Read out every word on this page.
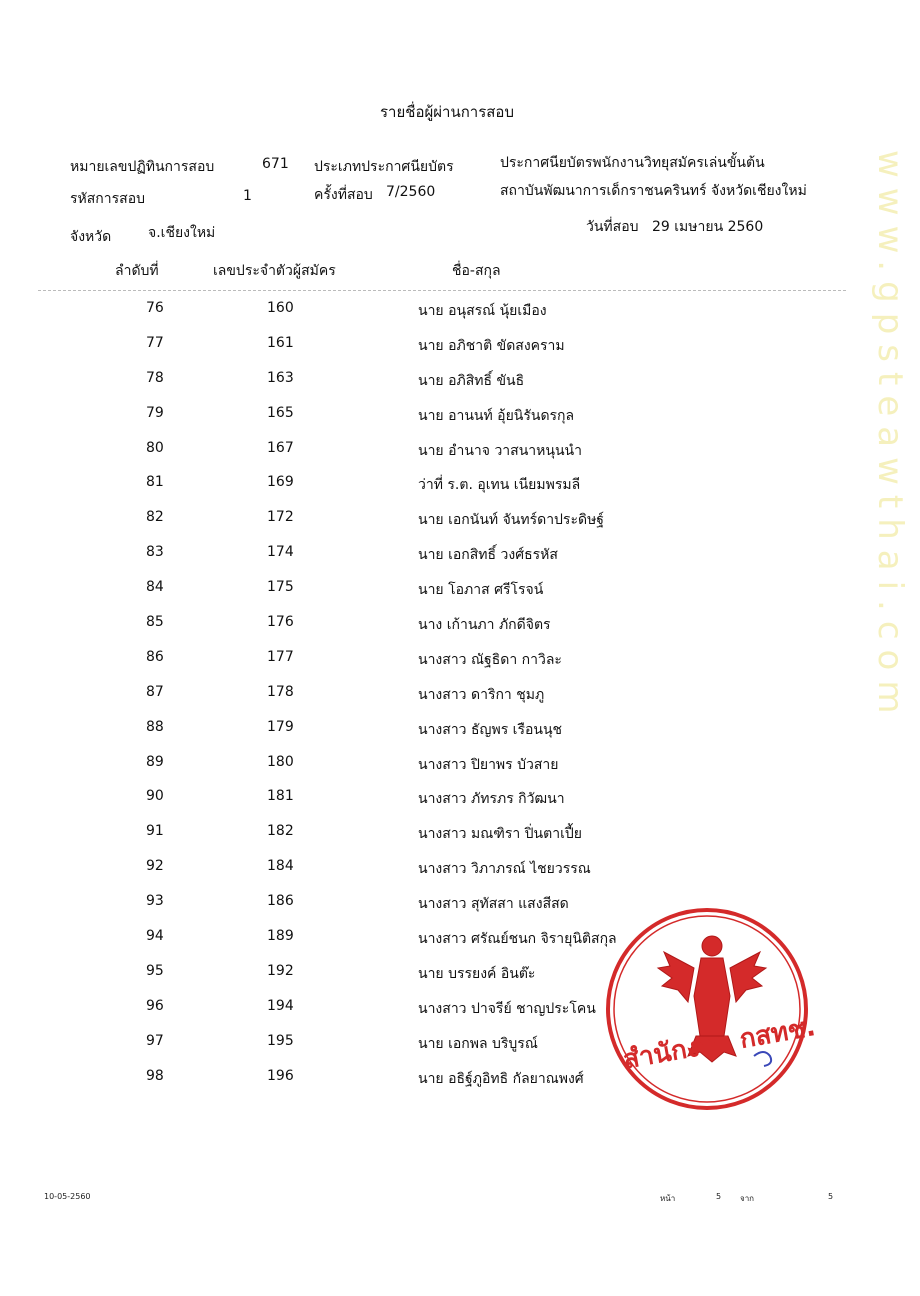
www.gpsteawthai.com
รายชื่อผู้ผ่านการสอบ
หมายเลขปฏิทินการสอบ	671
รหัสการสอบ	1
ประเภทประกาศนียบัตร
ครั้งที่สอบ 7/2560
ประกาศนียบัตรพนักงานวิทยุสมัครเล่นขั้นต้น
สถาบันพัฒนาการเด็กราชนครินทร์ จังหวัดเชียงใหม่
จังหวัด	จ.เชียงใหม่	วันที่สอบ 29 เมษายน 2560
ลำดับที่	เลขประจำตัวผู้สมัคร	ชื่อ-สกุล
76	160	นาย อนุสรณ์ นุ้ยเมือง
77	161	นาย อภิชาติ ขัดสงคราม
78	163	นาย อภิสิทธิ์ ขันธิ
79	165	นาย อานนท์ อุ้ยนิรันดรกุล
80	167	นาย อำนาจ วาสนาหนุนนำ
81	169	ว่าที่ ร.ต. อุเทน เนียมพรมลี
82	172	นาย เอกนันท์ จันทร์ดาประดิษฐ์
83	174	นาย เอกสิทธิ์ วงศ์ธรหัส
84	175	นาย โอภาส ศรีโรจน์
85	176	นาง เก้านภา ภักดีจิตร
86	177	นางสาว ณัฐธิดา กาวิละ
87	178	นางสาว ดาริกา ชุมภู
88	179	นางสาว ธัญพร เรือนนุช
89	180	นางสาว ปิยาพร บัวสาย
90	181	นางสาว ภัทรภร กิวัฒนา
91	182	นางสาว มณฑิรา ปิ่นตาเปี้ย
92	184	นางสาว วิภาภรณ์ ไชยวรรณ
93	186	นางสาว สุทัสสา แสงสีสด
94	189	นางสาว ศรัณย์ชนก จิรายุนิติสกุล
95	192	นาย บรรยงค์ อินต๊ะ
96	194	นางสาว ปาจรีย์ ชาญประโคน
97	195	นาย เอกพล บริบูรณ์
98	196	นาย อธิฐ์ภูอิทธิ กัลยาณพงศ์
สำนักงาน กสทช.
10-05-2560	หน้า	5 จาก	5
